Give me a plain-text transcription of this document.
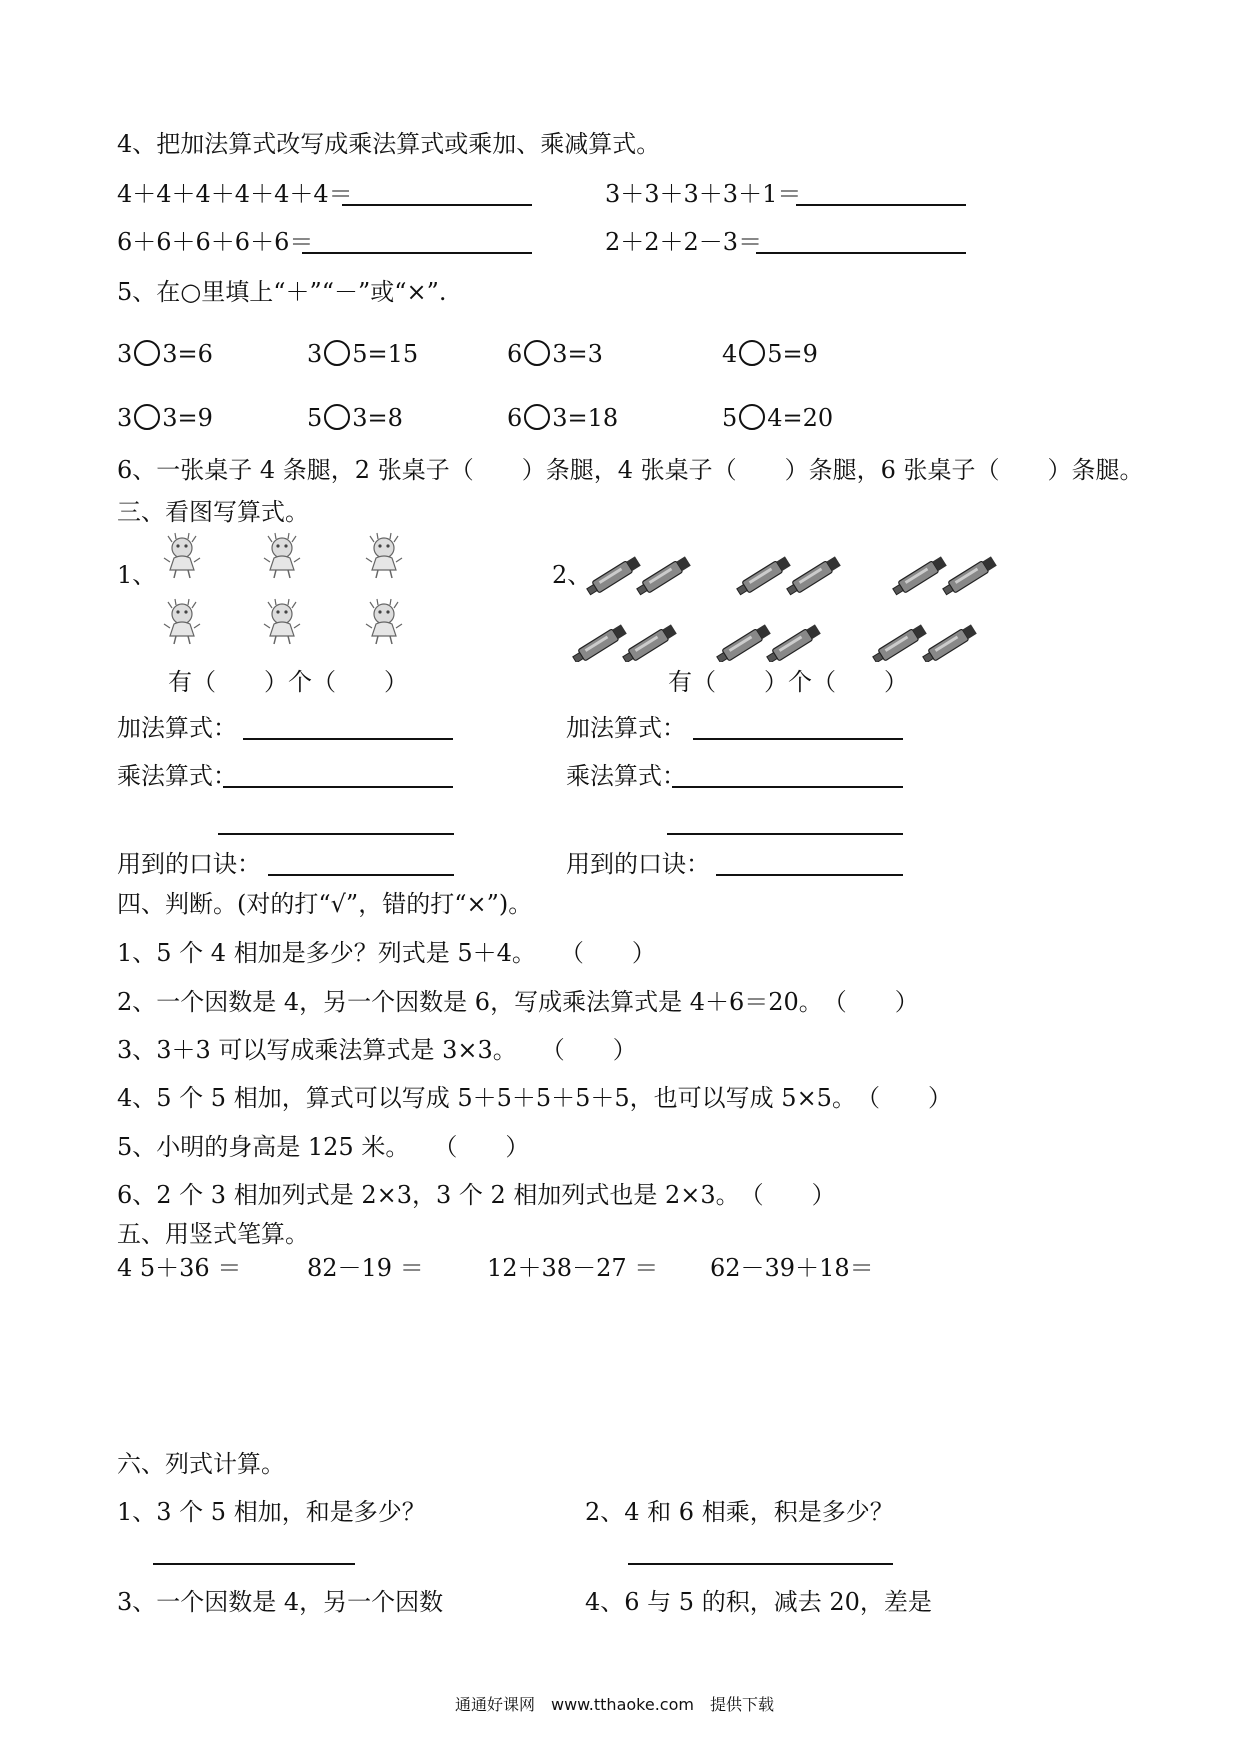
4、把加法算式改写成乘法算式或乘加、乘减算式。
4＋4＋4＋4＋4＋4＝	3＋3＋3＋3＋1＝
6＋6＋6＋6＋6＝	2＋2＋2－3＝
5、在○里填上“＋”“－”或“×”.
3 3=6	3 5=15	6 3=3	4 5=9
3 3=9	5 3=8	6 3=18	5 4=20
6、一张桌子 4 条腿，2 张桌子（　　）条腿，4 张桌子（　　）条腿，6 张桌子（　　）条腿。
三、看图写算式。
1、	2、
有（　　）个（　　）	有（　　）个（　　）
加法算式：	加法算式：
乘法算式：	乘法算式：
用到的口诀：	用到的口诀：
四、判断。(对的打“√”，错的打“×”)。
1、5 个 4 相加是多少？列式是 5＋4。　　（　　）
2、一个因数是 4，另一个因数是 6，写成乘法算式是 4＋6＝20。　（　　）
3、3＋3 可以写成乘法算式是 3×3。　　（　　）
4、5 个 5 相加，算式可以写成 5＋5＋5＋5＋5，也可以写成 5×5。　（　　）
5、小明的身高是 125 米。　　（　　）
6、2 个 3 相加列式是 2×3，3 个 2 相加列式也是 2×3。　（　　）
五、用竖式笔算。
4 5＋36 ＝	82－19 ＝	12＋38－27 ＝ 62－39＋18＝
六、列式计算。
1、3 个 5 相加，和是多少？	2、4 和 6 相乘，积是多少？
3、一个因数是 4，另一个因数	4、6 与 5 的积，减去 20，差是
通通好课网　www.tthaoke.com　提供下载
